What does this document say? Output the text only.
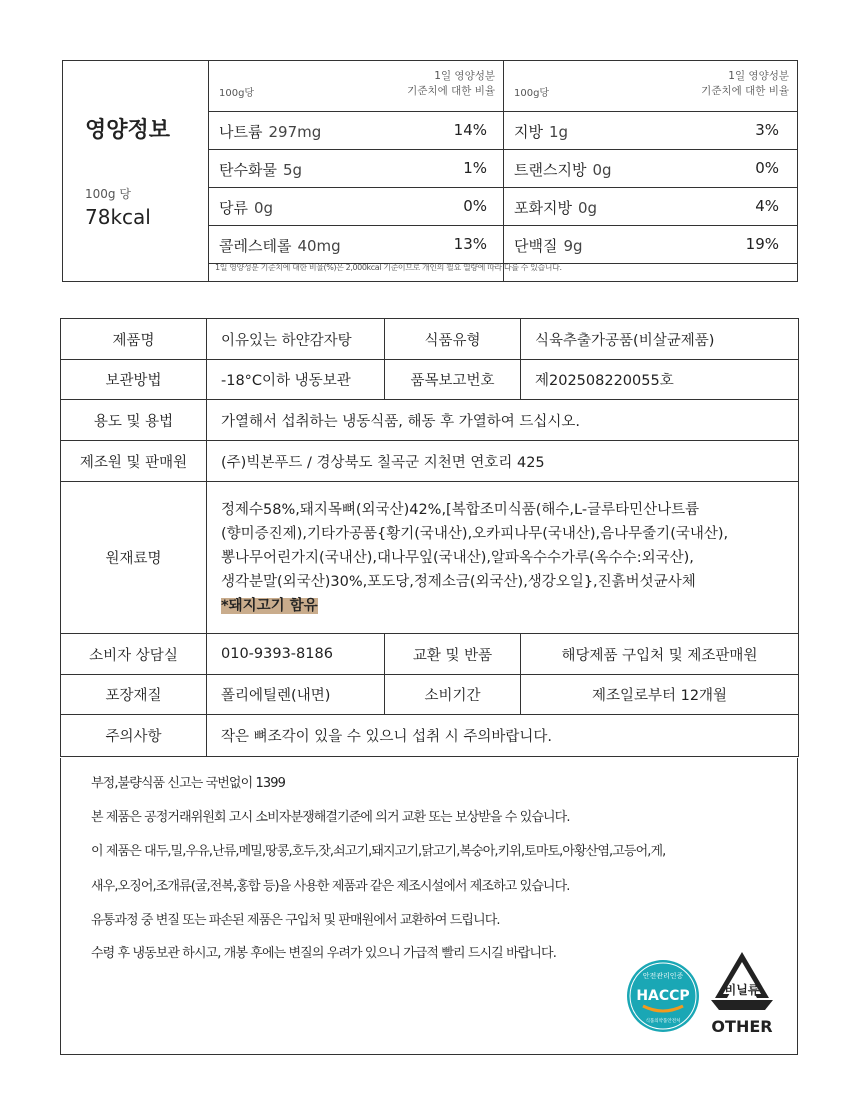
영양정보
100g 당
78kcal
100g당
1일 영양성분
기준치에 대한 비율
나트륨 297mg	14%
탄수화물 5g	1%
당류 0g	0%
콜레스테롤 40mg	13%
100g당
1일 영양성분
기준치에 대한 비율
지방 1g	3%
트랜스지방 0g	0%
포화지방 0g	4%
단백질 9g	19%
1일 영양성분 기준치에 대한 비율(%)은 2,000kcal 기준이므로 개인의 필요 열량에 따라 다를 수 있습니다.
제품명	이유있는 하얀감자탕	식품유형	식육추출가공품(비살균제품)
보관방법	-18°C이하 냉동보관	품목보고번호	제202508220055호
용도 및 용법	가열해서 섭취하는 냉동식품, 해동 후 가열하여 드십시오.		
제조원 및 판매원	(주)빅본푸드 / 경상북도 칠곡군 지천면 연호리 425		
원재료명	정제수58%,돼지목뼈(외국산)42%,[복합조미식품(해수,L-글루타민산나트륨
(향미증진제),기타가공품{황기(국내산),오카피나무(국내산),음나무줄기(국내산),
뽕나무어린가지(국내산),대나무잎(국내산),알파옥수수가루(옥수수:외국산),
생각분말(외국산)30%,포도당,정제소금(외국산),생강오일},진흙버섯균사체
*돼지고기 함유		

소비자 상담실	010-9393-8186	교환 및 반품	해당제품 구입처 및 제조판매원
포장재질	폴리에틸렌(내면)	소비기간	제조일로부터 12개월
주의사항	작은 뼈조각이 있을 수 있으니 섭취 시 주의바랍니다.		
부정,불량식품 신고는 국번없이 1399
본 제품은 공정거래위원회 고시 소비자분쟁해결기준에 의거 교환 또는 보상받을 수 있습니다.
이 제품은 대두,밀,우유,난류,메밀,땅콩,호두,잣,쇠고기,돼지고기,닭고기,복숭아,키위,토마토,아황산염,고등어,게,
새우,오징어,조개류(굴,전복,홍합 등)을 사용한 제품과 같은 제조시설에서 제조하고 있습니다.
유통과정 중 변질 또는 파손된 제품은 구입처 및 판매원에서 교환하여 드립니다.
수령 후 냉동보관 하시고, 개봉 후에는 변질의 우려가 있으니 가급적 빨리 드시길 바랍니다.
안전관리인증
HACCP
식품의약품안전처
비닐류
OTHER
